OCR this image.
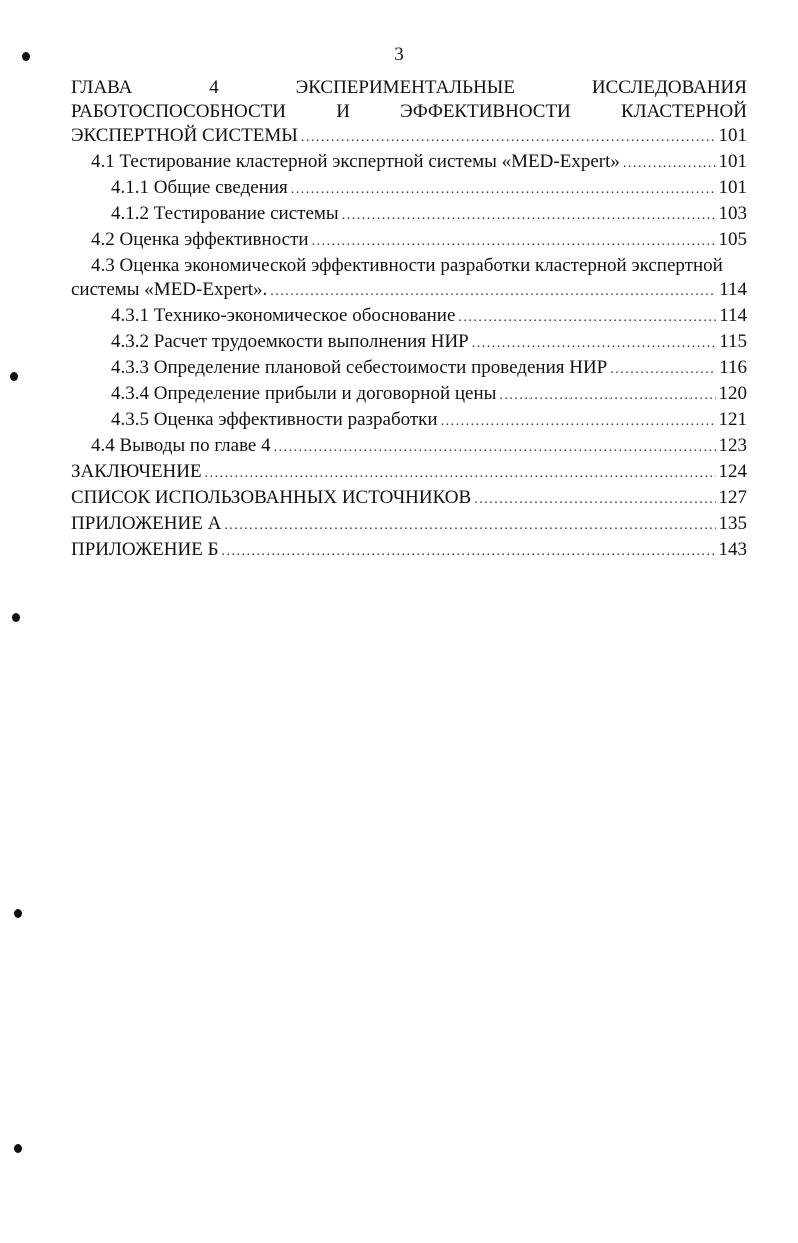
3
ГЛАВА	4	ЭКСПЕРИМЕНТАЛЬНЫЕ	ИССЛЕДОВАНИЯ
РАБОТОСПОСОБНОСТИ	И	ЭФФЕКТИВНОСТИ	КЛАСТЕРНОЙ
ЭКСПЕРТНОЙ СИСТЕМЫ .....	101
4.1 Тестирование кластерной экспертной системы «MED-Expert» .....	101
4.1.1 Общие сведения .....	101
4.1.2 Тестирование системы .....	103
4.2 Оценка эффективности .....	105
4.3 Оценка экономической эффективности разработки кластерной экспертной
системы «MED-Expert». .....	114
4.3.1 Технико-экономическое обоснование .....	114
4.3.2 Расчет трудоемкости выполнения НИР .....	115
4.3.3 Определение плановой себестоимости проведения НИР .....	116
4.3.4 Определение прибыли и договорной цены .....	120
4.3.5 Оценка эффективности разработки .....	121
4.4 Выводы по главе 4 .....	123
ЗАКЛЮЧЕНИЕ .....	124
СПИСОК ИСПОЛЬЗОВАННЫХ ИСТОЧНИКОВ .....	127
ПРИЛОЖЕНИЕ А .....	135
ПРИЛОЖЕНИЕ Б .....	143
